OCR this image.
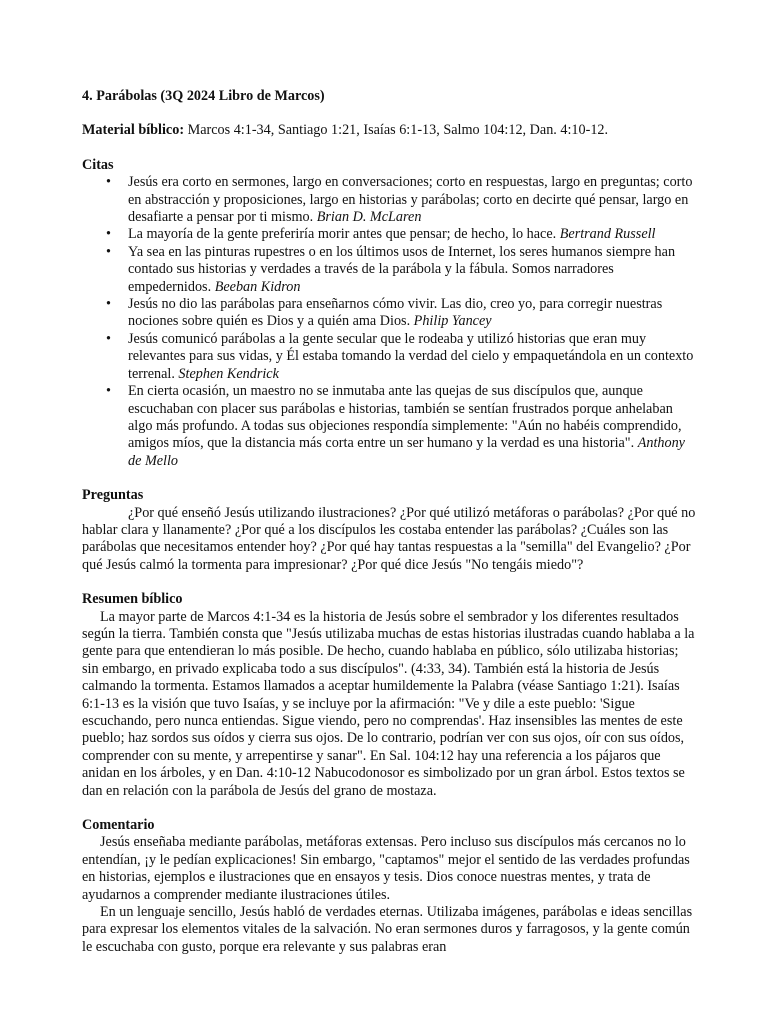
4. Parábolas (3Q 2024 Libro de Marcos)
Material bíblico: Marcos 4:1-34, Santiago 1:21, Isaías 6:1-13, Salmo 104:12, Dan. 4:10-12.
Citas
• Jesús era corto en sermones, largo en conversaciones; corto en respuestas, largo en preguntas; corto en abstracción y proposiciones, largo en historias y parábolas; corto en decirte qué pensar, largo en desafiarte a pensar por ti mismo. Brian D. McLaren
• La mayoría de la gente preferiría morir antes que pensar; de hecho, lo hace. Bertrand Russell
• Ya sea en las pinturas rupestres o en los últimos usos de Internet, los seres humanos siempre han contado sus historias y verdades a través de la parábola y la fábula. Somos narradores empedernidos. Beeban Kidron
• Jesús no dio las parábolas para enseñarnos cómo vivir. Las dio, creo yo, para corregir nuestras nociones sobre quién es Dios y a quién ama Dios. Philip Yancey
• Jesús comunicó parábolas a la gente secular que le rodeaba y utilizó historias que eran muy relevantes para sus vidas, y Él estaba tomando la verdad del cielo y empaquetándola en un contexto terrenal. Stephen Kendrick
• En cierta ocasión, un maestro no se inmutaba ante las quejas de sus discípulos que, aunque escuchaban con placer sus parábolas e historias, también se sentían frustrados porque anhelaban algo más profundo. A todas sus objeciones respondía simplemente: "Aún no habéis comprendido, amigos míos, que la distancia más corta entre un ser humano y la verdad es una historia". Anthony de Mello
Preguntas

¿Por qué enseñó Jesús utilizando ilustraciones? ¿Por qué utilizó metáforas o parábolas? ¿Por qué no hablar clara y llanamente? ¿Por qué a los discípulos les costaba entender las parábolas? ¿Cuáles son las parábolas que necesitamos entender hoy? ¿Por qué hay tantas respuestas a la "semilla" del Evangelio? ¿Por qué Jesús calmó la tormenta para impresionar? ¿Por qué dice Jesús "No tengáis miedo"?

Resumen bíblico

La mayor parte de Marcos 4:1-34 es la historia de Jesús sobre el sembrador y los diferentes resultados según la tierra. También consta que "Jesús utilizaba muchas de estas historias ilustradas cuando hablaba a la gente para que entendieran lo más posible. De hecho, cuando hablaba en público, sólo utilizaba historias; sin embargo, en privado explicaba todo a sus discípulos". (4:33, 34). También está la historia de Jesús calmando la tormenta. Estamos llamados a aceptar humildemente la Palabra (véase Santiago 1:21). Isaías 6:1-13 es la visión que tuvo Isaías, y se incluye por la afirmación: "Ve y dile a este pueblo: 'Sigue escuchando, pero nunca entiendas. Sigue viendo, pero no comprendas'. Haz insensibles las mentes de este pueblo; haz sordos sus oídos y cierra sus ojos. De lo contrario, podrían ver con sus ojos, oír con sus oídos, comprender con su mente, y arrepentirse y sanar". En Sal. 104:12 hay una referencia a los pájaros que anidan en los árboles, y en Dan. 4:10-12 Nabucodonosor es simbolizado por un gran árbol. Estos textos se dan en relación con la parábola de Jesús del grano de mostaza.

Comentario

Jesús enseñaba mediante parábolas, metáforas extensas. Pero incluso sus discípulos más cercanos no lo entendían, ¡y le pedían explicaciones! Sin embargo, "captamos" mejor el sentido de las verdades profundas en historias, ejemplos e ilustraciones que en ensayos y tesis. Dios conoce nuestras mentes, y trata de ayudarnos a comprender mediante ilustraciones útiles.

En un lenguaje sencillo, Jesús habló de verdades eternas. Utilizaba imágenes, parábolas e ideas sencillas para expresar los elementos vitales de la salvación. No eran sermones duros y farragosos, y la gente común le escuchaba con gusto, porque era relevante y sus palabras eran
